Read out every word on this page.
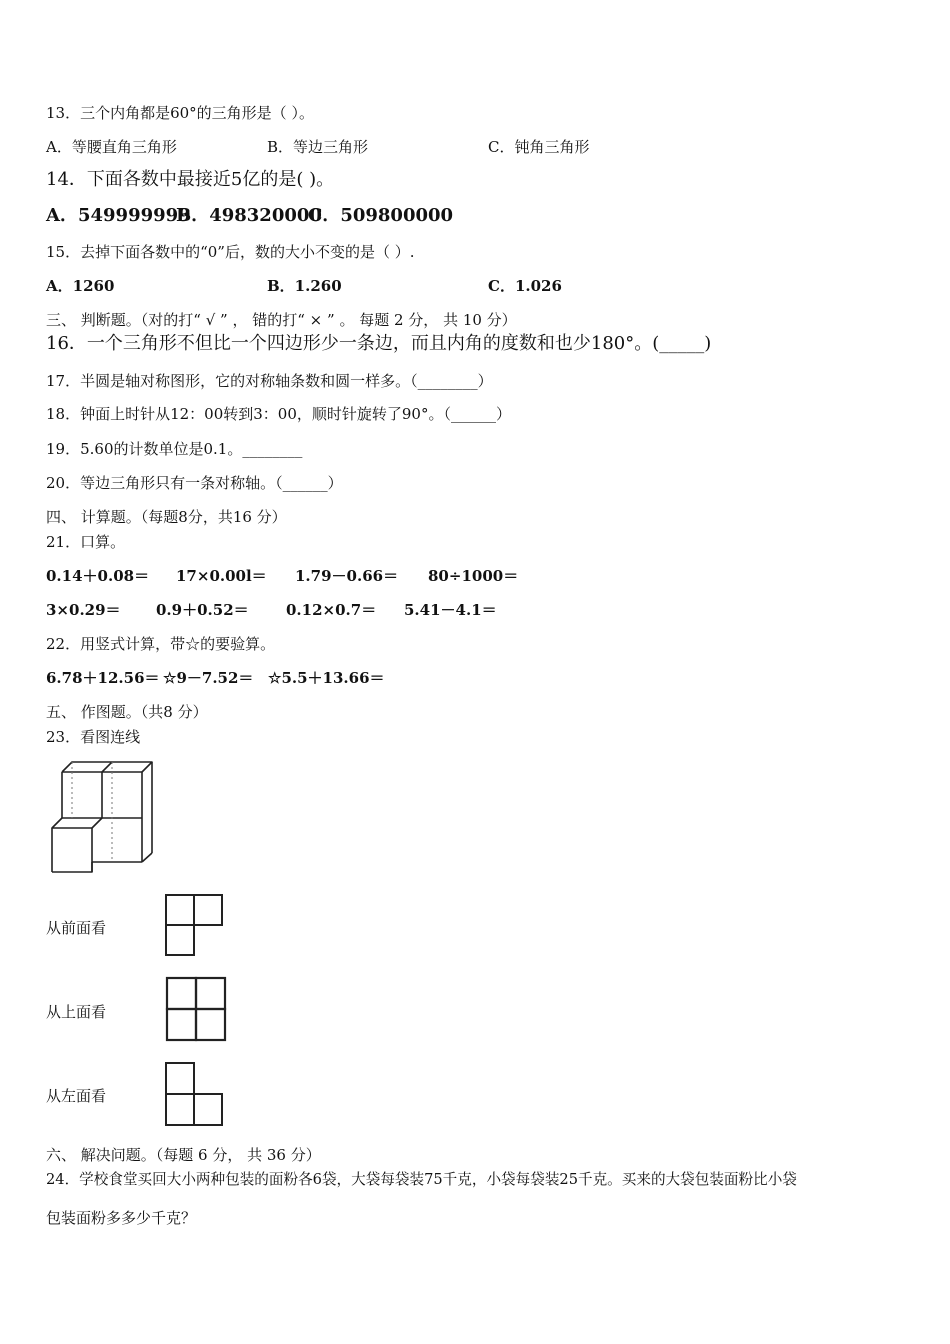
13．三个内角都是60°的三角形是（ ）。
A．等腰直角三角形	B．等边三角形	C．钝角三角形
14．下面各数中最接近5亿的是( )。
A．549999999
B．498320000
C．509800000
15．去掉下面各数中的“0”后，数的大小不变的是（ ）.
A．1260	B．1.260	C．1.026
三、 判断题。（对的打“ √ ” ， 错的打“ × ” 。 每题 2 分， 共 10 分）
16．一个三角形不但比一个四边形少一条边，而且内角的度数和也少180°。(_____)
17．半圆是轴对称图形，它的对称轴条数和圆一样多。（________）
18．钟面上时针从12：00转到3：00，顺时针旋转了90°。（______）
19．5.60的计数单位是0.1。________
20．等边三角形只有一条对称轴。（______）
四、 计算题。（每题8分，共16 分）
21．口算。
0.14＋0.08＝ 17×0.00l＝ 1.79－0.66＝ 80÷1000＝
3×0.29＝ 0.9＋0.52＝ 0.12×0.7＝ 5.41－4.1＝
22．用竖式计算，带☆的要验算。
6.78＋12.56＝ ☆9－7.52＝ ☆5.5＋13.66＝
五、 作图题。（共8 分）
23．看图连线
从前面看
从上面看
从左面看
六、 解决问题。（每题 6 分， 共 36 分）
24．学校食堂买回大小两种包装的面粉各6袋，大袋每袋装75千克，小袋每袋装25千克。买来的大袋包装面粉比小袋
包装面粉多多少千克？
